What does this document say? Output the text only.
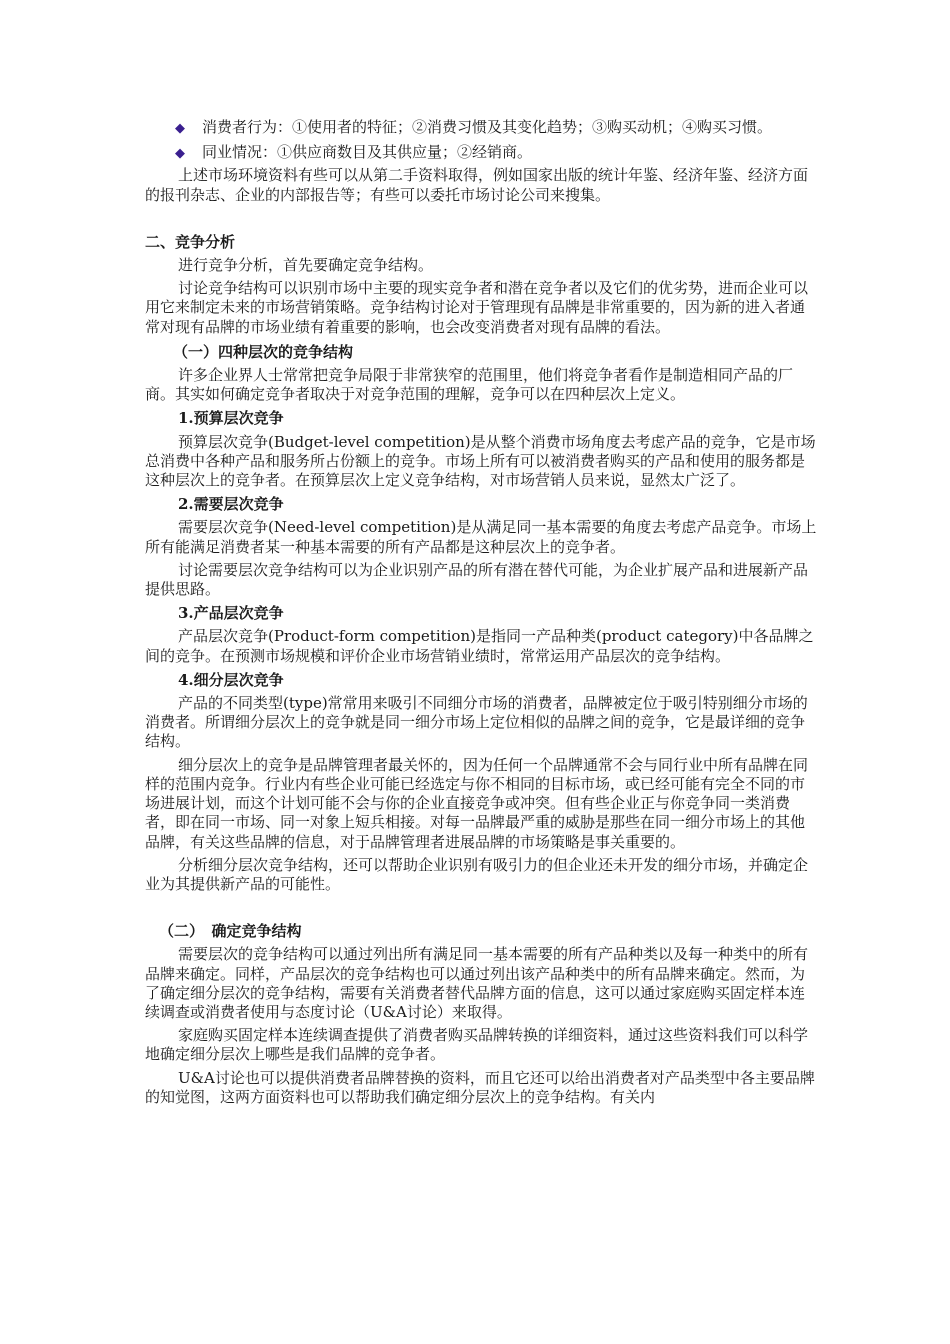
◆ 消费者行为：①使用者的特征；②消费习惯及其变化趋势；③购买动机；④购买习惯。
◆ 同业情况：①供应商数目及其供应量；②经销商。

上述市场环境资料有些可以从第二手资料取得，例如国家出版的统计年鉴、经济年鉴、经济方面的报刊杂志、企业的内部报告等；有些可以委托市场讨论公司来搜集。

二、竞争分析

进行竞争分析，首先要确定竞争结构。

讨论竞争结构可以识别市场中主要的现实竞争者和潜在竞争者以及它们的优劣势，进而企业可以用它来制定未来的市场营销策略。竞争结构讨论对于管理现有品牌是非常重要的，因为新的进入者通常对现有品牌的市场业绩有着重要的影响，也会改变消费者对现有品牌的看法。

（一）四种层次的竞争结构

许多企业界人士常常把竞争局限于非常狭窄的范围里，他们将竞争者看作是制造相同产品的厂商。其实如何确定竞争者取决于对竞争范围的理解，竞争可以在四种层次上定义。

1.预算层次竞争

预算层次竞争(Budget-level competition)是从整个消费市场角度去考虑产品的竞争，它是市场总消费中各种产品和服务所占份额上的竞争。市场上所有可以被消费者购买的产品和使用的服务都是这种层次上的竞争者。在预算层次上定义竞争结构，对市场营销人员来说，显然太广泛了。

2.需要层次竞争

需要层次竞争(Need-level competition)是从满足同一基本需要的角度去考虑产品竞争。市场上所有能满足消费者某一种基本需要的所有产品都是这种层次上的竞争者。

讨论需要层次竞争结构可以为企业识别产品的所有潜在替代可能，为企业扩展产品和进展新产品提供思路。

3.产品层次竞争

产品层次竞争(Product-form competition)是指同一产品种类(product category)中各品牌之间的竞争。在预测市场规模和评价企业市场营销业绩时，常常运用产品层次的竞争结构。

4.细分层次竞争

产品的不同类型(type)常常用来吸引不同细分市场的消费者，品牌被定位于吸引特别细分市场的消费者。所谓细分层次上的竞争就是同一细分市场上定位相似的品牌之间的竞争，它是最详细的竞争结构。

细分层次上的竞争是品牌管理者最关怀的，因为任何一个品牌通常不会与同行业中所有品牌在同样的范围内竞争。行业内有些企业可能已经选定与你不相同的目标市场，或已经可能有完全不同的市场进展计划，而这个计划可能不会与你的企业直接竞争或冲突。但有些企业正与你竞争同一类消费者，即在同一市场、同一对象上短兵相接。对每一品牌最严重的威胁是那些在同一细分市场上的其他品牌，有关这些品牌的信息，对于品牌管理者进展品牌的市场策略是事关重要的。

分析细分层次竞争结构，还可以帮助企业识别有吸引力的但企业还未开发的细分市场，并确定企业为其提供新产品的可能性。

（二）　确定竞争结构

需要层次的竞争结构可以通过列出所有满足同一基本需要的所有产品种类以及每一种类中的所有品牌来确定。同样，产品层次的竞争结构也可以通过列出该产品种类中的所有品牌来确定。然而，为了确定细分层次的竞争结构，需要有关消费者替代品牌方面的信息，这可以通过家庭购买固定样本连续调查或消费者使用与态度讨论（U&A讨论）来取得。

家庭购买固定样本连续调查提供了消费者购买品牌转换的详细资料，通过这些资料我们可以科学地确定细分层次上哪些是我们品牌的竞争者。

U&A讨论也可以提供消费者品牌替换的资料，而且它还可以给出消费者对产品类型中各主要品牌的知觉图，这两方面资料也可以帮助我们确定细分层次上的竞争结构。有关内
